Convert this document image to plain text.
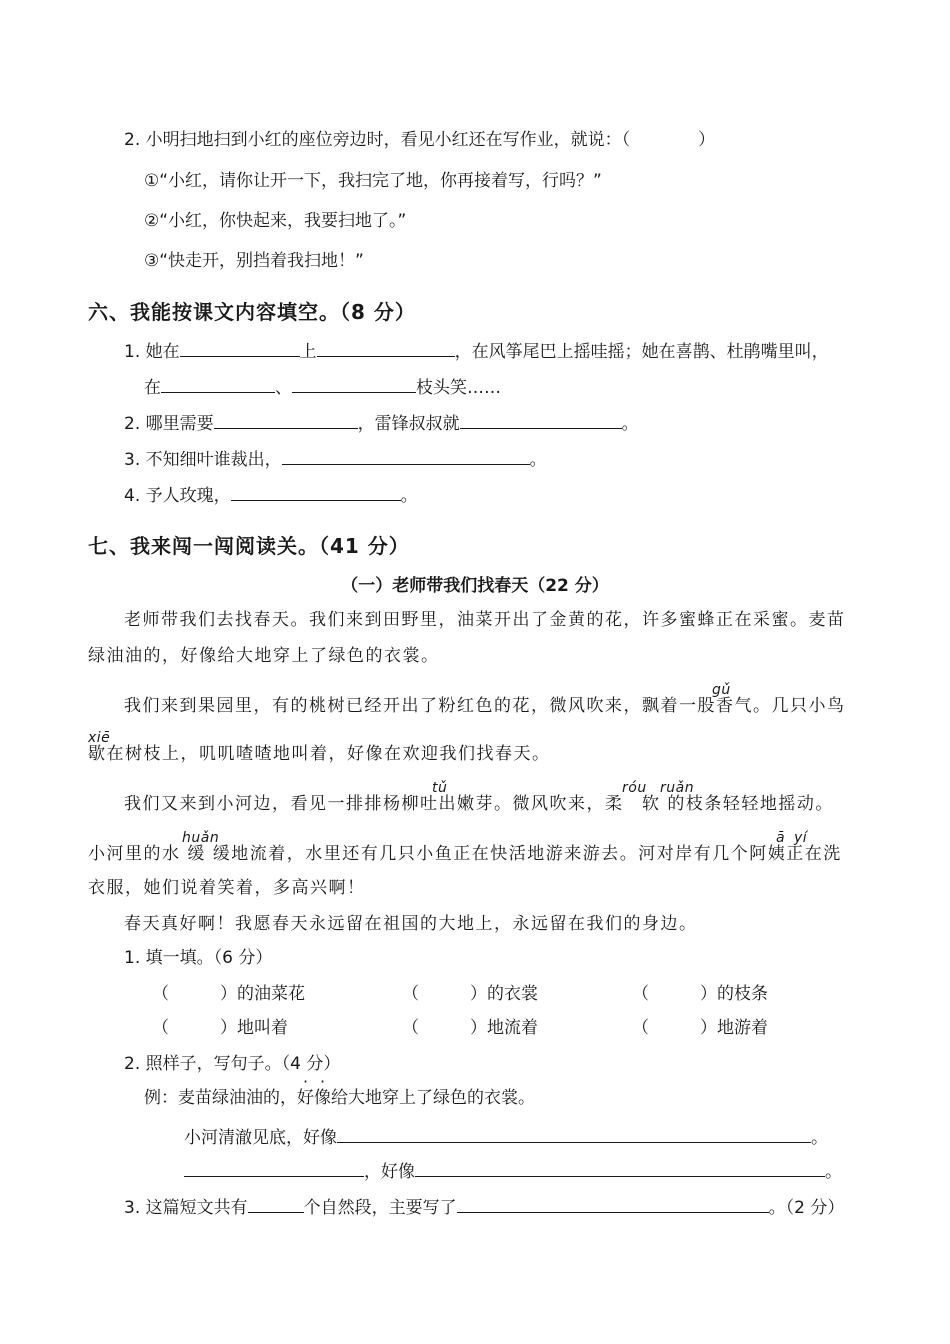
2. 小明扫地扫到小红的座位旁边时，看见小红还在写作业，就说：（　　　　）
①“小红，请你让开一下，我扫完了地，你再接着写，行吗？”
②“小红，你快起来，我要扫地了。”
③“快走开，别挡着我扫地！”
六、我能按课文内容填空。（8 分）
1. 她在	上	，在风筝尾巴上摇哇摇；她在喜鹊、杜鹃嘴里叫，
在	、	枝头笑……
2. 哪里需要	，雷锋叔叔就	。
3. 不知细叶谁裁出，	。
4. 予人玫瑰，	。
七、我来闯一闯阅读关。（41 分）
（一）老师带我们找春天（22 分）
老师带我们去找春天。我们来到田野里，油菜开出了金黄的花，许多蜜蜂正在采蜜。麦苗
绿油油的，好像给大地穿上了绿色的衣裳。
gǔ
我们来到果园里，有的桃树已经开出了粉红色的花，微风吹来，飘着一股香气。几只小鸟
xiē
歇在树枝上，叽叽喳喳地叫着，好像在欢迎我们找春天。
tǔ	róu ruǎn
我们又来到小河边，看见一排排杨柳吐出嫩芽。微风吹来，柔　软 的枝条轻轻地摇动。
huǎn	ā yí
小河里的水 缓 缓地流着，水里还有几只小鱼正在快活地游来游去。河对岸有几个阿姨正在洗
衣服，她们说着笑着，多高兴啊！
春天真好啊！我愿春天永远留在祖国的大地上，永远留在我们的身边。
1. 填一填。（6 分）
（　　　）的油菜花	（　　　）的衣裳	（　　　）的枝条
（　　　）地叫着	（　　　）地流着	（　　　）地游着
2. 照样子，写句子。（4 分）
例：麦苗绿油油的，好像给大地穿上了绿色的衣裳。
小河清澈见底，好像	。
，好像	。
3. 这篇短文共有	个自然段，主要写了	。（2 分）
